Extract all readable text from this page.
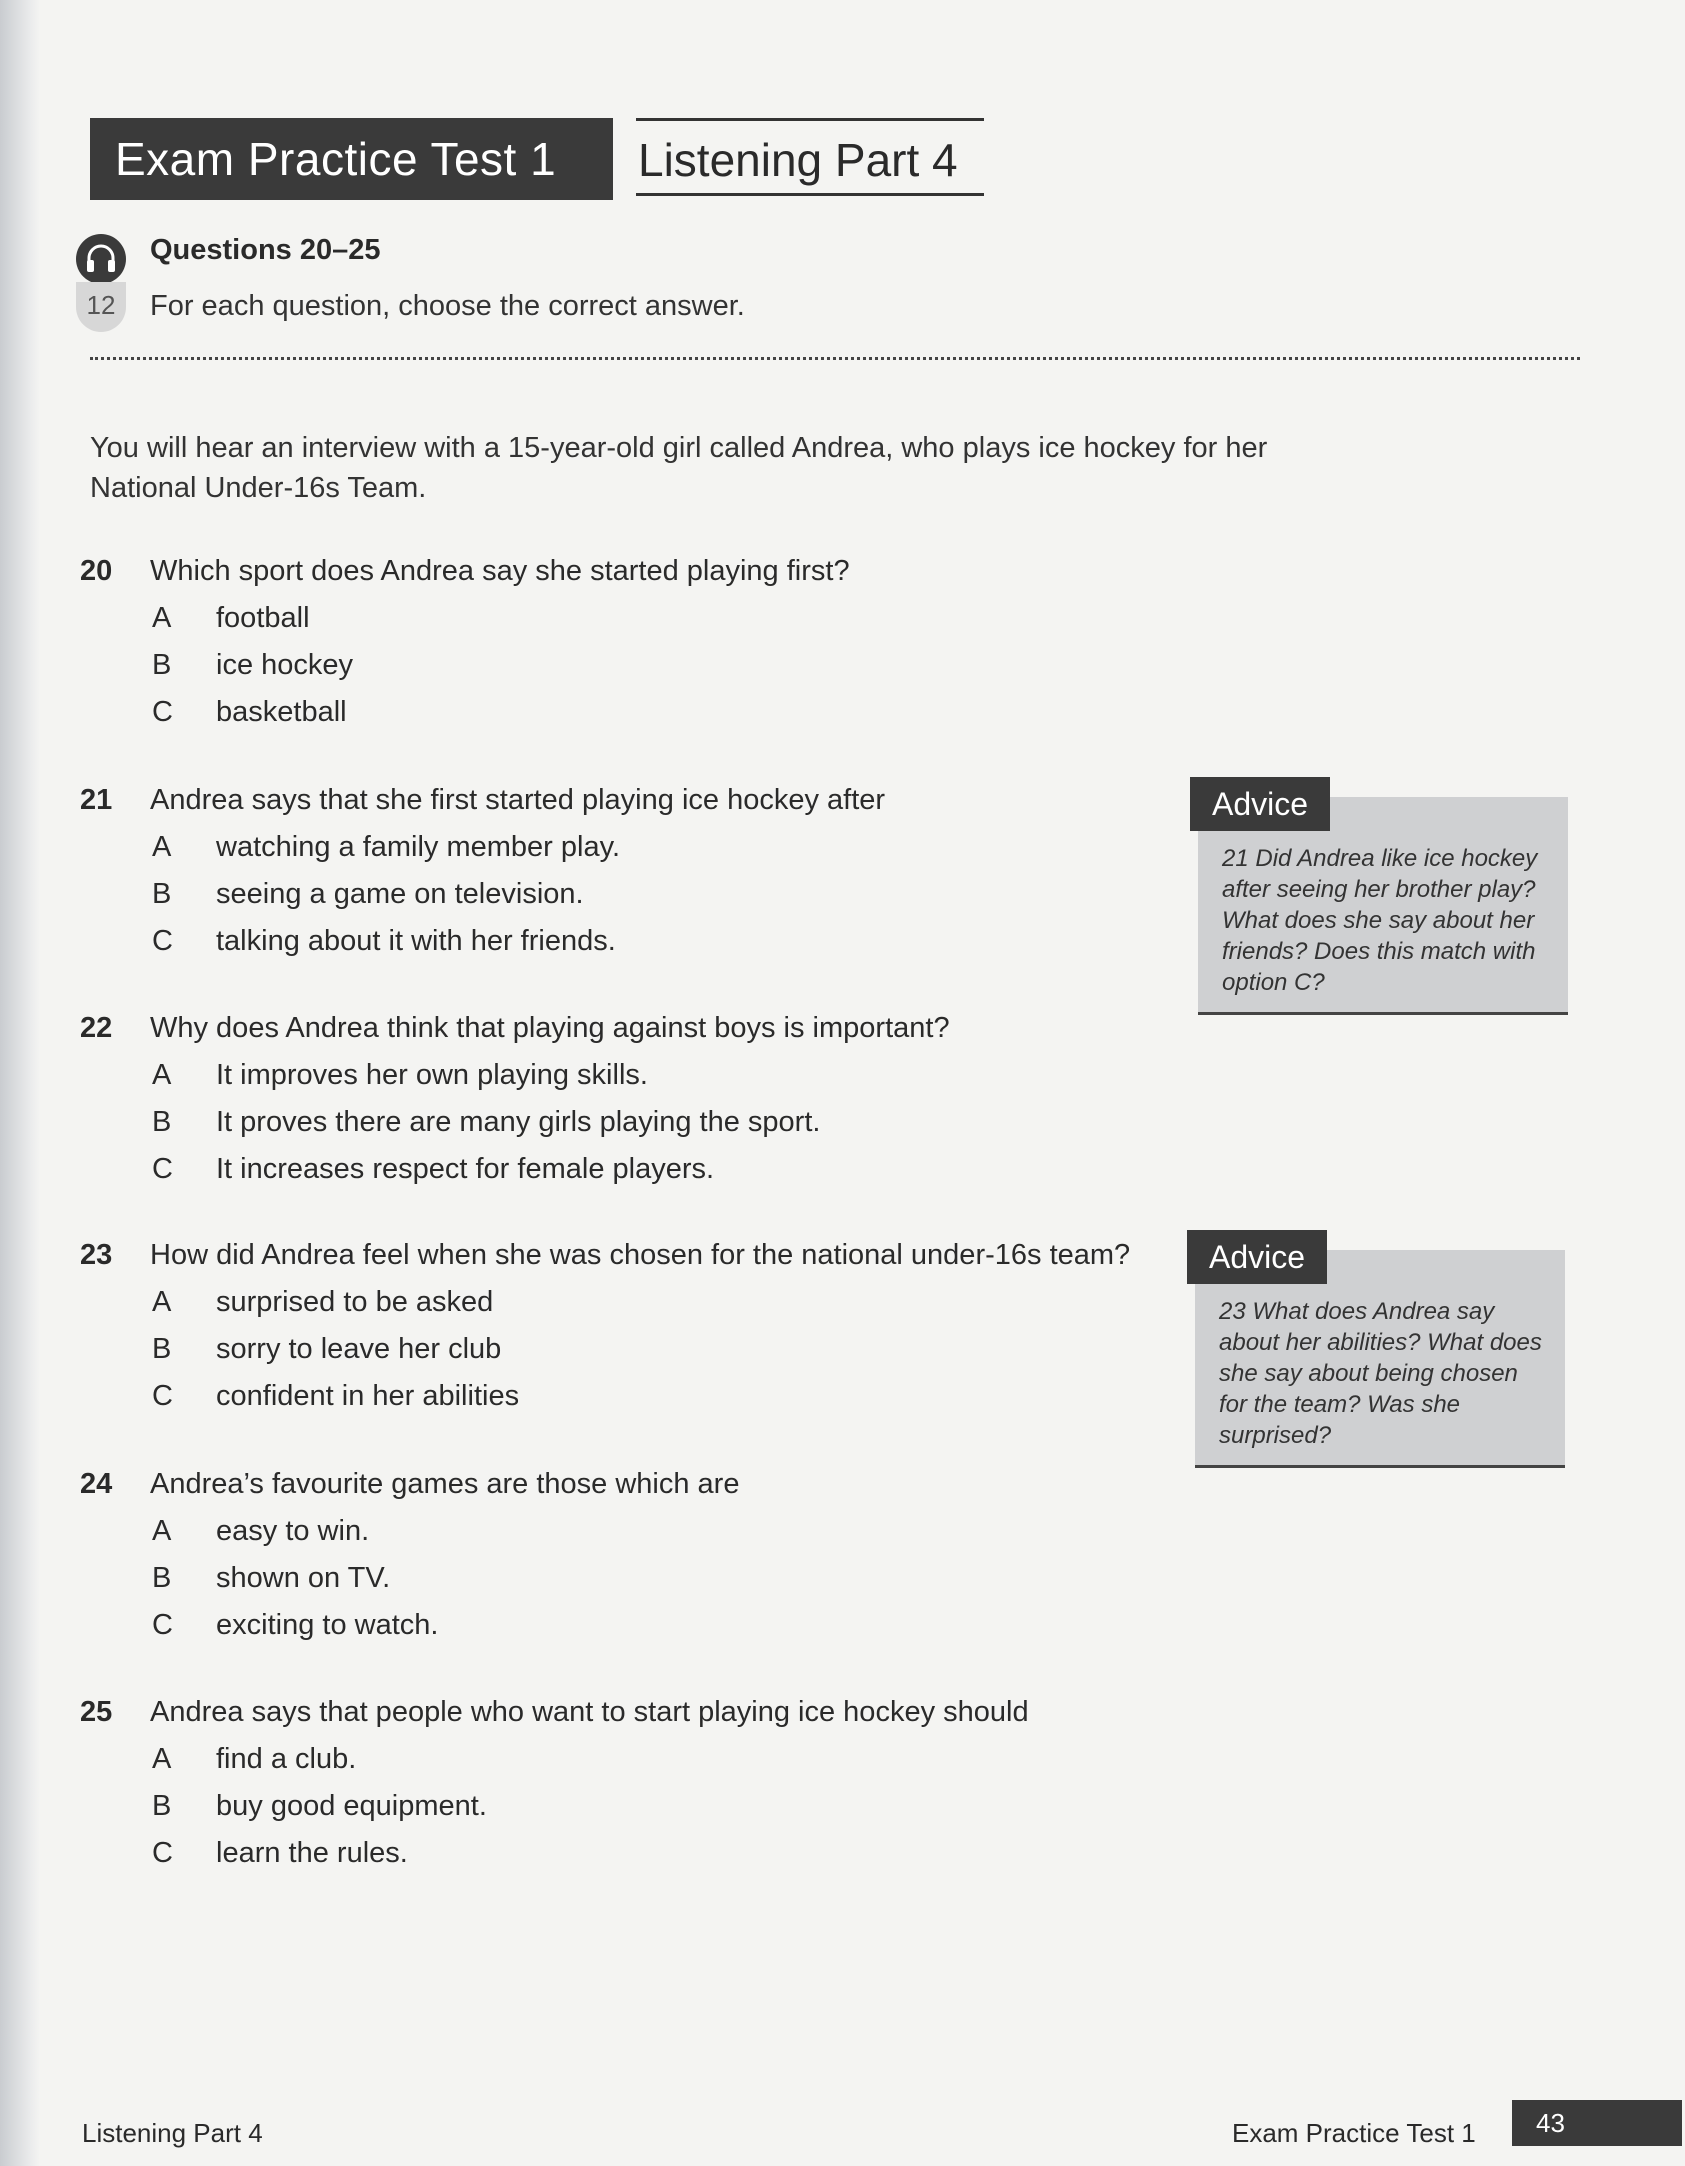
Exam Practice Test 1	Listening Part 4
12
Questions 20–25
For each question, choose the correct answer.
You will hear an interview with a 15-year-old girl called Andrea, who plays ice hockey for her National Under-16s Team.
20 Which sport does Andrea say she started playing first?
A football
B ice hockey
C basketball
21 Andrea says that she first started playing ice hockey after
A watching a family member play.
B seeing a game on television.
C talking about it with her friends.
22 Why does Andrea think that playing against boys is important?
A It improves her own playing skills.
B It proves there are many girls playing the sport.
C It increases respect for female players.
23 How did Andrea feel when she was chosen for the national under-16s team?
A surprised to be asked
B sorry to leave her club
C confident in her abilities
24 Andrea’s favourite games are those which are
A easy to win.
B shown on TV.
C exciting to watch.
25 Andrea says that people who want to start playing ice hockey should
A find a club.
B buy good equipment.
C learn the rules.
Advice
21 Did Andrea like ice hockey after seeing her brother play? What does she say about her friends? Does this match with option C?
Advice
23 What does Andrea say about her abilities? What does she say about being chosen for the team? Was she surprised?
Listening Part 4	Exam Practice Test 1	43
